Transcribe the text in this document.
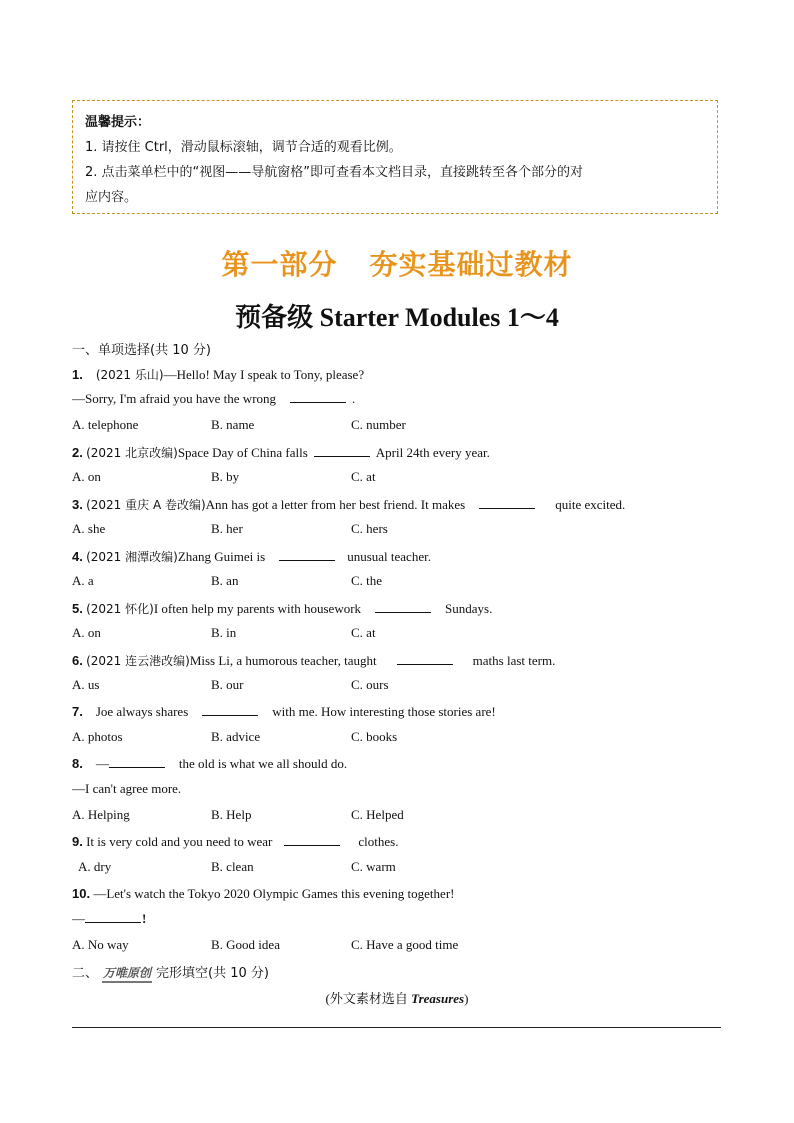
温馨提示：
1. 请按住 Ctrl，滑动鼠标滚轴，调节合适的观看比例。
2. 点击菜单栏中的“视图——导航窗格”即可查看本文档目录，直接跳转至各个部分的对
应内容。
第一部分 夯实基础过教材
预备级 Starter Modules 1～4
一、单项选择(共 10 分)
1. (2021 乐山)—Hello! May I speak to Tony, please?
—Sorry, I'm afraid you have the wrong	.
A. telephone	B. name	C. number
2. (2021 北京改编)Space Day of China falls	April 24th every year.
A. on	B. by	C. at
3. (2021 重庆 A 卷改编)Ann has got a letter from her best friend. It makes	quite excited.
A. she	B. her	C. hers
4. (2021 湘潭改编)Zhang Guimei is	unusual teacher.
A. a	B. an	C. the
5. (2021 怀化)I often help my parents with housework	Sundays.
A. on	B. in	C. at
6. (2021 连云港改编)Miss Li, a humorous teacher, taught	maths last term.
A. us	B. our	C. ours
7. Joe always shares	with me. How interesting those stories are!
A. photos	B. advice	C. books
8. —	the old is what we all should do.
—I can't agree more.
A. Helping	B. Help	C. Helped
9. It is very cold and you need to wear	clothes.
A. dry	B. clean	C. warm
10. —Let's watch the Tokyo 2020 Olympic Games this evening together!
—	!
A. No way	B. Good idea	C. Have a good time
二、 万唯原创 完形填空(共 10 分)
(外文素材选自 Treasures)
